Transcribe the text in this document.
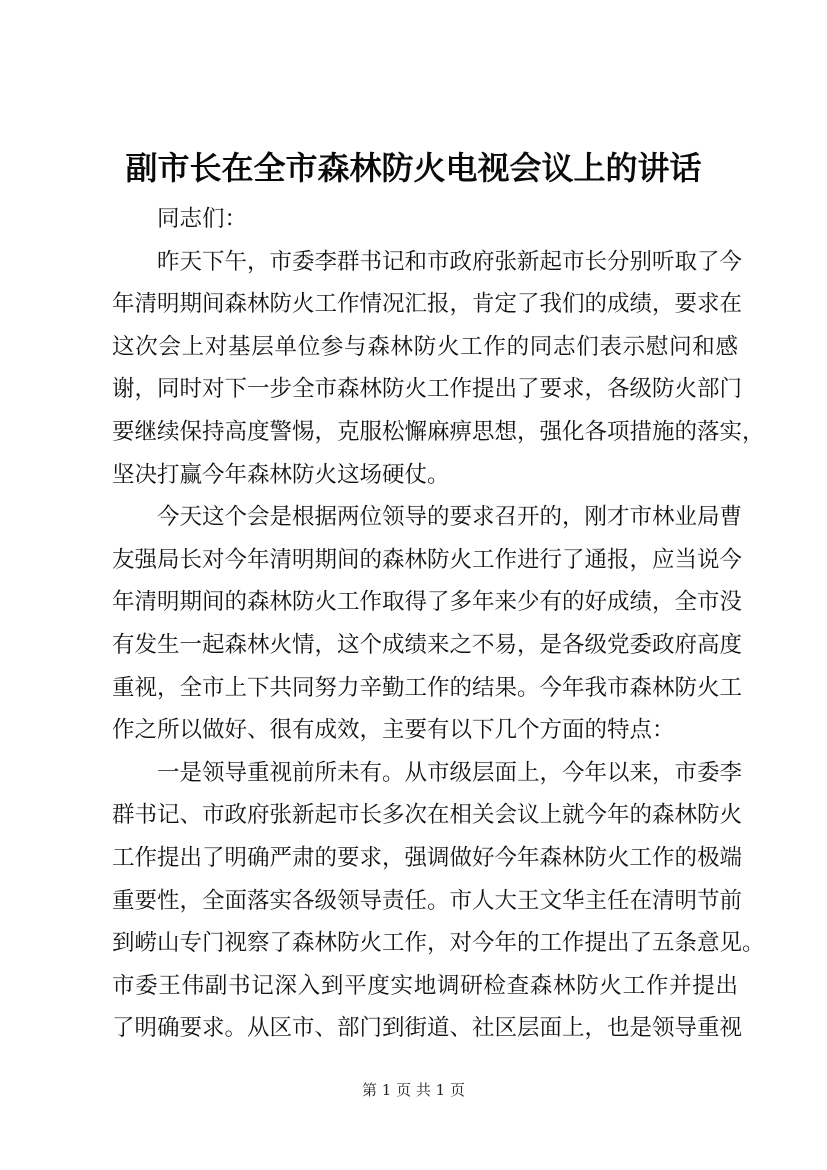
副市长在全市森林防火电视会议上的讲话
同志们：
昨天下午，市委李群书记和市政府张新起市长分别听取了今
年清明期间森林防火工作情况汇报，肯定了我们的成绩，要求在
这次会上对基层单位参与森林防火工作的同志们表示慰问和感
谢，同时对下一步全市森林防火工作提出了要求，各级防火部门
要继续保持高度警惕，克服松懈麻痹思想，强化各项措施的落实，
坚决打赢今年森林防火这场硬仗。
今天这个会是根据两位领导的要求召开的，刚才市林业局曹
友强局长对今年清明期间的森林防火工作进行了通报，应当说今
年清明期间的森林防火工作取得了多年来少有的好成绩，全市没
有发生一起森林火情，这个成绩来之不易，是各级党委政府高度
重视，全市上下共同努力辛勤工作的结果。今年我市森林防火工
作之所以做好、很有成效，主要有以下几个方面的特点：
一是领导重视前所未有。从市级层面上，今年以来，市委李
群书记、市政府张新起市长多次在相关会议上就今年的森林防火
工作提出了明确严肃的要求，强调做好今年森林防火工作的极端
重要性，全面落实各级领导责任。市人大王文华主任在清明节前
到崂山专门视察了森林防火工作，对今年的工作提出了五条意见。
市委王伟副书记深入到平度实地调研检查森林防火工作并提出
了明确要求。从区市、部门到街道、社区层面上，也是领导重视
第 1 页 共 1 页
